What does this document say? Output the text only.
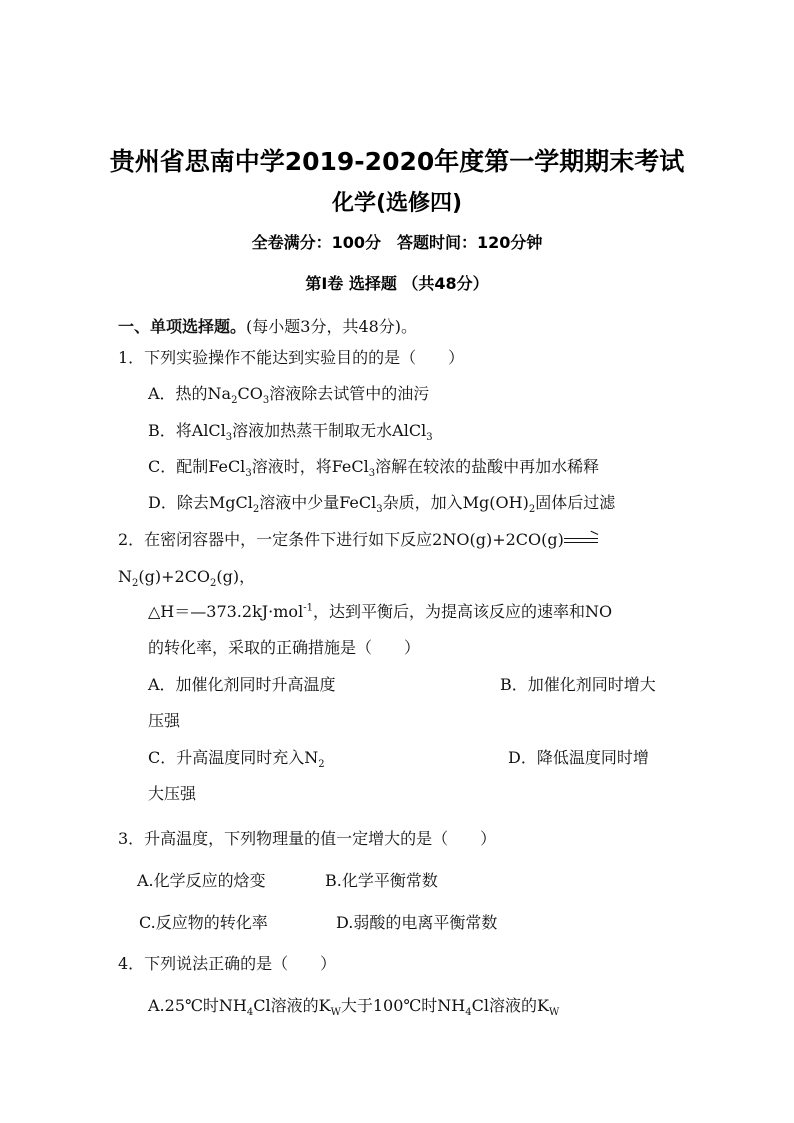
贵州省思南中学2019-2020年度第一学期期末考试
化学(选修四)
全卷满分：100分　答题时间：120分钟
第Ⅰ卷 选择题 （共48分）
一、单项选择题。(每小题3分，共48分)。
1．下列实验操作不能达到实验目的的是（　　）
A．热的$Na_2CO_3$溶液除去试管中的油污
B．将AlCl$_3$溶液加热蒸干制取无水AlCl$_3$
C．配制FeCl$_3$溶液时，将FeCl$_3$溶解在较浓的盐酸中再加水稀释
D．除去MgCl$_2$溶液中少量FeCl$_3$杂质，加入$Mg(OH)_2$固体后过滤
2．在密闭容器中，一定条件下进行如下反应2NO(g)+2CO(g)→
$N_2(g)+2CO_2(g)$，
△H＝—373.2kJ·mol$^{-1}$，达到平衡后，为提高该反应的速率和NO
的转化率，采取的正确措施是（　　）
A．加催化剂同时升高温度	B．加催化剂同时增大
压强
C．升高温度同时充入$N_2$	D．降低温度同时增
大压强
3．升高温度，下列物理量的值一定增大的是（　　）
A.化学反应的焓变	B.化学平衡常数
C.反应物的转化率	D.弱酸的电离平衡常数
4．下列说法正确的是（　　）
A.25℃时$NH_4Cl$溶液的$K_W$大于100℃时$NH_4Cl$溶液的$K_W$
